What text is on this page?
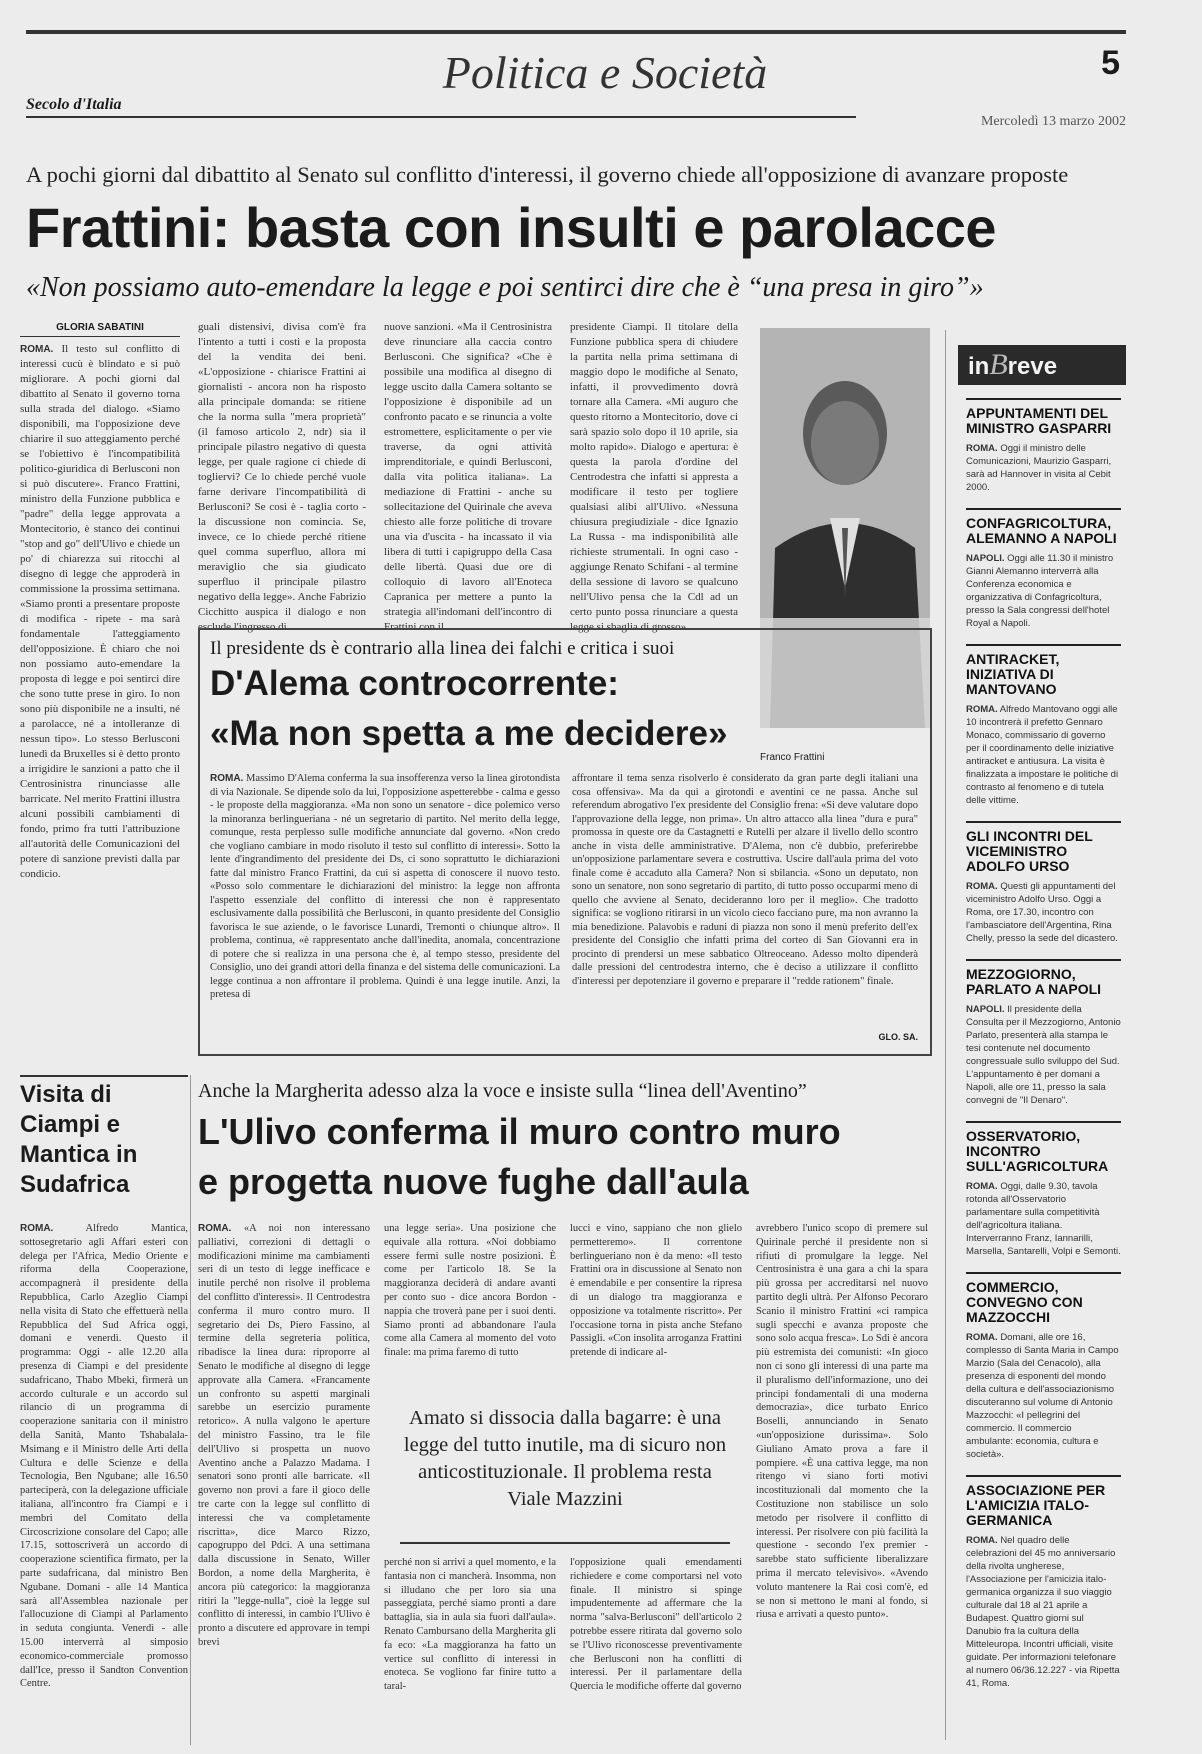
Politica e Società	5
Secolo d'Italia
Mercoledì 13 marzo 2002
A pochi giorni dal dibattito al Senato sul conflitto d'interessi, il governo chiede all'opposizione di avanzare proposte
Frattini: basta con insulti e parolacce
«Non possiamo auto-emendare la legge e poi sentirci dire che è “una presa in giro”»
GLORIA SABATINI
ROMA. Il testo sul conflitto di interessi cucù è blindato e si può migliorare. A pochi giorni dal dibattito al Senato il governo torna sulla strada del dialogo. «Siamo disponibili, ma l'opposizione deve chiarire il suo atteggiamento perché se l'obiettivo è l'incompatibilità politico-giuridica di Berlusconi non si può discutere». Franco Frattini, ministro della Funzione pubblica e "padre" della legge approvata a Montecitorio, è stanco dei continui "stop and go" dell'Ulivo e chiede un po' di chiarezza sui ritocchi al disegno di legge che approderà in commissione la prossima settimana. «Siamo pronti a presentare proposte di modifica - ripete - ma sarà fondamentale l'atteggiamento dell'opposizione. È chiaro che noi non possiamo auto-emendare la proposta di legge e poi sentirci dire che sono tutte prese in giro. Io non sono più disponibile ne a insulti, né a parolacce, né a intolleranze di nessun tipo». Lo stesso Berlusconi lunedì da Bruxelles si è detto pronto a irrigidire le sanzioni a patto che il Centrosinistra rinunciasse alle barricate. Nel merito Frattini illustra alcuni possibili cambiamenti di fondo, primo fra tutti l'attribuzione all'autorità delle Comunicazioni del potere di sanzione previsti dalla par condicio.
guali distensivi, divisa com'è fra l'intento a tutti i costi e la proposta del la vendita dei beni. «L'opposizione - chiarisce Frattini ai giornalisti - ancora non ha risposto alla principale domanda: se ritiene che la norma sulla "mera proprietà" (il famoso articolo 2, ndr) sia il principale pilastro negativo di questa legge, per quale ragione ci chiede di togliervi? Ce lo chiede perché vuole farne derivare l'incompatibilità di Berlusconi? Se così è - taglia corto - la discussione non comincia. Se, invece, ce lo chiede perché ritiene quel comma superfluo, allora mi meraviglio che sia giudicato superfluo il principale pilastro negativo della legge». Anche Fabrizio Cicchitto auspica il dialogo e non esclude l'ingresso di
nuove sanzioni. «Ma il Centrosinistra deve rinunciare alla caccia contro Berlusconi. Che significa? «Che è possibile una modifica al disegno di legge uscito dalla Camera soltanto se l'opposizione è disponibile ad un confronto pacato e se rinuncia a volte estromettere, esplicitamente o per vie traverse, da ogni attività imprenditoriale, e quindi Berlusconi, dalla vita politica italiana». La mediazione di Frattini - anche su sollecitazione del Quirinale che aveva chiesto alle forze politiche di trovare una via d'uscita - ha incassato il via libera di tutti i capigruppo della Casa delle libertà. Quasi due ore di colloquio di lavoro all'Enoteca Capranica per mettere a punto la strategia all'indomani dell'incontro di Frattini con il
presidente Ciampi. Il titolare della Funzione pubblica spera di chiudere la partita nella prima settimana di maggio dopo le modifiche al Senato, infatti, il provvedimento dovrà tornare alla Camera. «Mi auguro che questo ritorno a Montecitorio, dove ci sarà spazio solo dopo il 10 aprile, sia molto rapido». Dialogo e apertura: è questa la parola d'ordine del Centrodestra che infatti si appresta a modificare il testo per togliere qualsiasi alibi all'Ulivo. «Nessuna chiusura pregiudiziale - dice Ignazio La Russa - ma indisponibilità alle richieste strumentali. In ogni caso - aggiunge Renato Schifani - al termine della sessione di lavoro se qualcuno nell'Ulivo pensa che la Cdl ad un certo punto possa rinunciare a questa legge si sbaglia di grosso».
Franco Frattini
Il presidente ds è contrario alla linea dei falchi e critica i suoi
D'Alema controcorrente:
«Ma non spetta a me decidere»
ROMA. Massimo D'Alema conferma la sua insofferenza verso la linea girotondista di via Nazionale. Se dipende solo da lui, l'opposizione aspetterebbe - calma e gesso - le proposte della maggioranza. «Ma non sono un senatore - dice polemico verso la minoranza berlingueriana - né un segretario di partito. Nel merito della legge, comunque, resta perplesso sulle modifiche annunciate dal governo. «Non credo che vogliano cambiare in modo risoluto il testo sul conflitto di interessi». Sotto la lente d'ingrandimento del presidente dei Ds, ci sono soprattutto le dichiarazioni fatte dal ministro Franco Frattini, da cui si aspetta di conoscere il nuovo testo. «Posso solo commentare le dichiarazioni del ministro: la legge non affronta l'aspetto essenziale del conflitto di interessi che non è rappresentato esclusivamente dalla possibilità che Berlusconi, in quanto presidente del Consiglio favorisca le sue aziende, o le favorisce Lunardi, Tremonti o chiunque altro». Il problema, continua, «è rappresentato anche dall'inedita, anomala, concentrazione di potere che si realizza in una persona che è, al tempo stesso, presidente del Consiglio, uno dei grandi attori della finanza e del sistema delle comunicazioni. La legge continua a non affrontare il problema. Quindi è una legge inutile. Anzi, la pretesa di
affrontare il tema senza risolverlo è considerato da gran parte degli italiani una cosa offensiva». Ma da qui a girotondi e aventini ce ne passa. Anche sul referendum abrogativo l'ex presidente del Consiglio frena: «Si deve valutare dopo l'approvazione della legge, non prima». Un altro attacco alla linea "dura e pura" promossa in queste ore da Castagnetti e Rutelli per alzare il livello dello scontro anche in vista delle amministrative. D'Alema, non c'è dubbio, preferirebbe un'opposizione parlamentare severa e costruttiva. Uscire dall'aula prima del voto finale come è accaduto alla Camera? Non si sbilancia. «Sono un deputato, non sono un senatore, non sono segretario di partito, di tutto posso occuparmi meno di quello che avviene al Senato, decideranno loro per il meglio». Che tradotto significa: se vogliono ritirarsi in un vicolo cieco facciano pure, ma non avranno la mia benedizione. Palavobis e raduni di piazza non sono il menù preferito dell'ex presidente del Consiglio che infatti prima del corteo di San Giovanni era in procinto di prendersi un mese sabbatico Oltreoceano. Adesso molto dipenderà dalle pressioni del centrodestra interno, che è deciso a utilizzare il conflitto d'interessi per depotenziare il governo e preparare il "redde rationem" finale.
GLO. SA.
Visita di Ciampi e Mantica in Sudafrica
ROMA.	Alfredo Mantica, sottosegretario agli Affari esteri con delega per l'Africa, Medio Oriente e riforma della Cooperazione, accompagnerà il presidente della Repubblica, Carlo Azeglio Ciampi nella visita di Stato che effettuerà nella Repubblica del Sud Africa oggi, domani e venerdì. Questo il programma: Oggi - alle 12.20 alla presenza di Ciampi e del presidente sudafricano, Thabo Mbeki, firmerà un accordo culturale e un accordo sul rilancio di un programma di cooperazione sanitaria con il ministro della Sanità, Manto Tshabalala-Msimang e il Ministro delle Arti della Cultura e delle Scienze e della Tecnologia, Ben Ngubane; alle 16.50 parteciperà, con la delegazione ufficiale italiana, all'incontro fra Ciampi e i membri del Comitato della Circoscrizione consolare del Capo; alle 17.15, sottoscriverà un accordo di cooperazione scientifica firmato, per la parte sudafricana, dal ministro Ben Ngubane. Domani - alle 14 Mantica sarà all'Assemblea nazionale per l'allocuzione di Ciampi al Parlamento in seduta congiunta. Venerdì - alle 15.00 interverrà al simposio economico-commerciale promosso dall'Ice, presso il Sandton Convention Centre.
Anche la Margherita adesso alza la voce e insiste sulla “linea dell'Aventino”
L'Ulivo conferma il muro contro muro
e progetta nuove fughe dall'aula
ROMA. «A noi non interessano palliativi, correzioni di dettagli o modificazioni minime ma cambiamenti seri di un testo di legge inefficace e inutile perché non risolve il problema del conflitto d'interessi». Il Centrodestra conferma il muro contro muro. Il segretario dei Ds, Piero Fassino, al termine della segreteria politica, ribadisce la linea dura: riproporre al Senato le modifiche al disegno di legge approvate alla Camera. «Francamente un confronto su aspetti marginali sarebbe un esercizio puramente retorico». A nulla valgono le aperture del ministro Fassino, tra le file dell'Ulivo si prospetta un nuovo Aventino anche a Palazzo Madama. I senatori sono pronti alle barricate. «Il governo non provi a fare il gioco delle tre carte con la legge sul conflitto di interessi che va completamente riscritta», dice Marco Rizzo, capogruppo del Pdci. A una settimana dalla discussione in Senato, Willer Bordon, a nome della Margherita, è ancora più categorico: la maggioranza ritiri la "legge-nulla", cioè la legge sul conflitto di interessi, in cambio l'Ulivo è pronto a discutere ed approvare in tempi brevi
una legge seria». Una posizione che equivale alla rottura. «Noi dobbiamo essere fermi sulle nostre posizioni. È come per l'articolo 18. Se la maggioranza deciderà di andare avanti per conto suo - dice ancora Bordon - nappia che troverà pane per i suoi denti. Siamo pronti ad abbandonare l'aula come alla Camera al momento del voto finale: ma prima faremo di tutto
lucci e vino, sappiano che non glielo permetteremo». Il correntone berlingueriano non è da meno: «Il testo Frattini ora in discussione al Senato non è emendabile e per consentire la ripresa di un dialogo tra maggioranza e opposizione va totalmente riscritto». Per l'occasione torna in pista anche Stefano Passigli. «Con insolita arroganza Frattini pretende di indicare al-
avrebbero l'unico scopo di premere sul Quirinale perché il presidente non si rifiuti di promulgare la legge. Nel Centrosinistra è una gara a chi la spara più grossa per accreditarsi nel nuovo partito degli ultrà. Per Alfonso Pecoraro Scanio il ministro Frattini «ci rampica sugli specchi e avanza proposte che sono solo acqua fresca». Lo Sdi è ancora più estremista dei comunisti: «In gioco non ci sono gli interessi di una parte ma il pluralismo dell'informazione, uno dei principi fondamentali di una moderna democrazia», dice turbato Enrico Boselli, annunciando in Senato «un'opposizione durissima». Solo Giuliano Amato prova a fare il pompiere. «È una cattiva legge, ma non ritengo vi siano forti motivi incostituzionali dal momento che la Costituzione non stabilisce un solo metodo per risolvere il conflitto di interessi. Per risolvere con più facilità la questione - secondo l'ex premier - sarebbe stato sufficiente liberalizzare prima il mercato televisivo». «Avendo voluto mantenere la Rai così com'è, ed se non si mettono le mani al fondo, si riusa e arrivati a questo punto».
Amato si dissocia dalla bagarre: è una legge del tutto inutile, ma di sicuro non anticostituzionale. Il problema resta Viale Mazzini
perché non si arrivi a quel momento, e la fantasia non ci mancherà. Insomma, non si illudano che per loro sia una passeggiata, perché siamo pronti a dare battaglia, sia in aula sia fuori dall'aula». Renato Cambursano della Margherita gli fa eco: «La maggioranza ha fatto un vertice sul conflitto di interessi in enoteca. Se vogliono far finire tutto a taral-
l'opposizione quali emendamenti richiedere e come comportarsi nel voto finale. Il ministro si spinge impudentemente ad affermare che la norma "salva-Berlusconi" dell'articolo 2 potrebbe essere ritirata dal governo solo se l'Ulivo riconoscesse preventivamente che Berlusconi non ha conflitti di interessi. Per il parlamentare della Quercia le modifiche offerte dal governo
inBreve
APPUNTAMENTI DEL MINISTRO GASPARRI

ROMA. Oggi il ministro delle Comunicazioni, Maurizio Gasparri, sarà ad Hannover in visita al Cebit 2000.

CONFAGRICOLTURA, ALEMANNO A NAPOLI

NAPOLI. Oggi alle 11.30 il ministro Gianni Alemanno interverrà alla Conferenza economica e organizzativa di Confagricoltura, presso la Sala congressi dell'hotel Royal a Napoli.

ANTIRACKET, INIZIATIVA DI MANTOVANO

ROMA. Alfredo Mantovano oggi alle 10 incontrerà il prefetto Gennaro Monaco, commissario di governo per il coordinamento delle iniziative antiracket e antiusura. La visita è finalizzata a impostare le politiche di contrasto al fenomeno e di tutela delle vittime.

GLI INCONTRI DEL VICEMINISTRO ADOLFO URSO

ROMA. Questi gli appuntamenti del viceministro Adolfo Urso. Oggi a Roma, ore 17.30, incontro con l'ambasciatore dell'Argentina, Rina Chelly, presso la sede del dicastero.

MEZZOGIORNO, PARLATO A NAPOLI

NAPOLI. Il presidente della Consulta per il Mezzogiorno, Antonio Parlato, presenterà alla stampa le tesi contenute nel documento congressuale sullo sviluppo del Sud. L'appuntamento è per domani a Napoli, alle ore 11, presso la sala convegni de "Il Denaro".

OSSERVATORIO, INCONTRO SULL'AGRICOLTURA

ROMA. Oggi, dalle 9.30, tavola rotonda all'Osservatorio parlamentare sulla competitività dell'agricoltura italiana. Interverranno Franz, Iannarilli, Marsella, Santarelli, Volpi e Semonti.

COMMERCIO, CONVEGNO CON MAZZOCCHI

ROMA. Domani, alle ore 16, complesso di Santa Maria in Campo Marzio (Sala del Cenacolo), alla presenza di esponenti del mondo della cultura e dell'associazionismo discuteranno sul volume di Antonio Mazzocchi: «I pellegrini del commercio. Il commercio ambulante: economia, cultura e società».

ASSOCIAZIONE PER L'AMICIZIA ITALO-GERMANICA

ROMA. Nel quadro delle celebrazioni del 45 mo anniversario della rivolta ungherese, l'Associazione per l'amicizia italo-germanica organizza il suo viaggio culturale dal 18 al 21 aprile a Budapest. Quattro giorni sul Danubio fra la cultura della Mitteleuropa. Incontri ufficiali, visite guidate. Per informazioni telefonare al numero 06/36.12.227 - via Ripetta 41, Roma.
